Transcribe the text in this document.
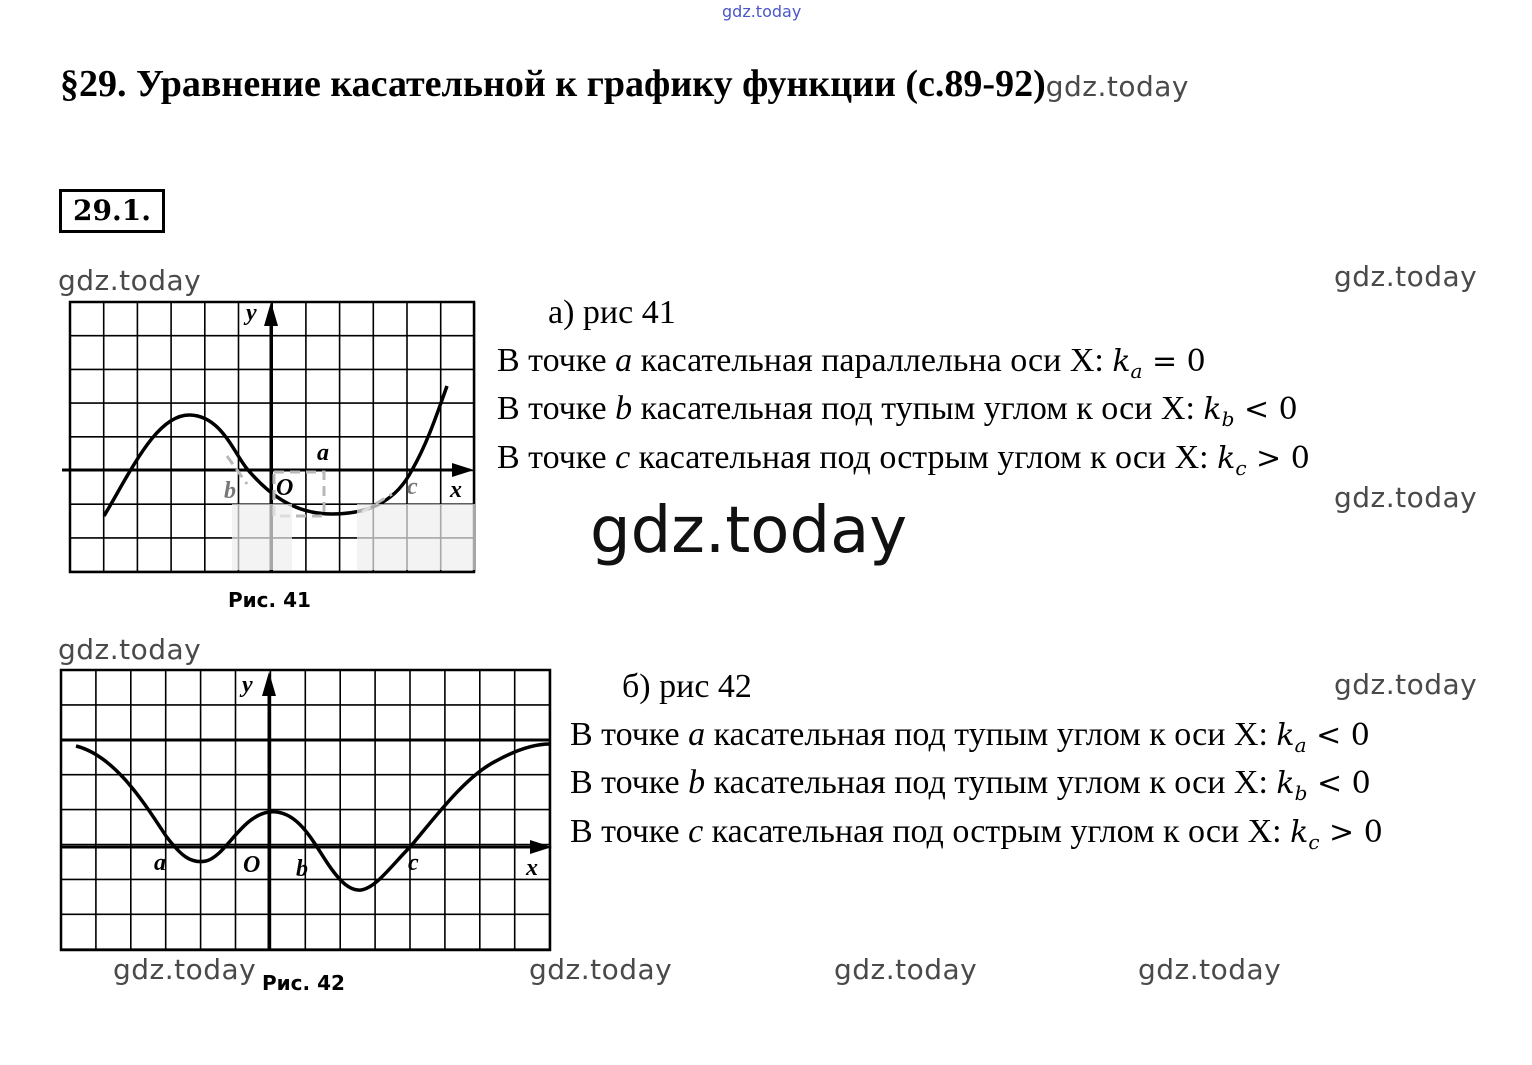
gdz.today
§29. Уравнение касательной к графику функции (с.89-92)gdz.today
29.1.
gdz.today	gdz.today
y
x
O
a
b	c
Рис. 41
а) рис 41
В точке a касательная параллельна оси X: $k_a = 0$
В точке b касательная под тупым углом к оси X: $k_b < 0$
В точке c касательная под острым углом к оси X: $k_c > 0$
gdz.today
gdz.today
gdz.today
y
x
O
a	b	c
Рис. 42
б) рис 42	gdz.today
В точке a касательная под тупым углом к оси X: $k_a < 0$
В точке b касательная под тупым углом к оси X: $k_b < 0$
В точке c касательная под острым углом к оси X: $k_c > 0$
gdz.today	gdz.today	gdz.today	gdz.today
